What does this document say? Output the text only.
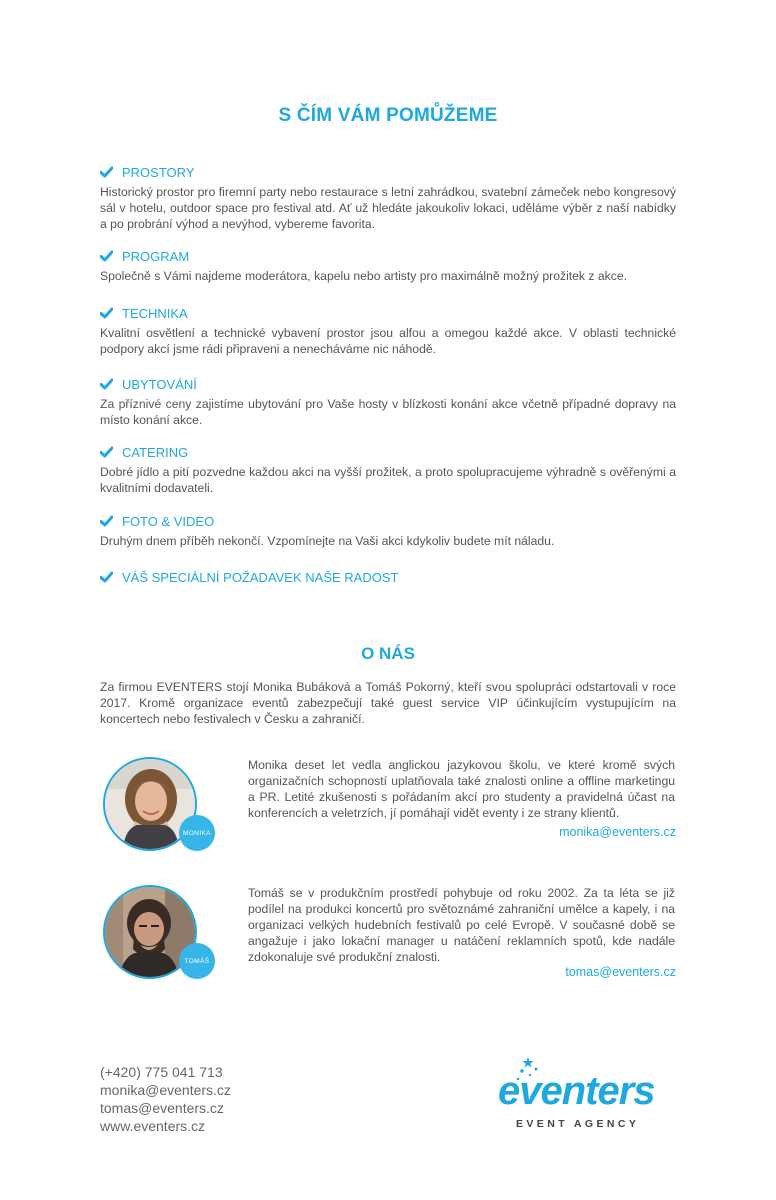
S ČÍM VÁM POMŮŽEME
PROSTORY
Historický prostor pro firemní party nebo restaurace s letní zahrádkou, svatební zámeček nebo kongresový sál v hotelu, outdoor space pro festival atd. Ať už hledáte jakoukoliv lokaci, uděláme výběr z naší nabídky a po probrání výhod a nevýhod, vybereme favorita.
PROGRAM
Společně s Vámi najdeme moderátora, kapelu nebo artisty pro maximálně možný prožitek z akce.
TECHNIKA
Kvalitní osvětlení a technické vybavení prostor jsou alfou a omegou každé akce. V oblasti technické podpory akcí jsme rádi připraveni a nenecháváme nic náhodě.
UBYTOVÁNÍ
Za příznivé ceny zajistíme ubytování pro Vaše hosty v blízkosti konání akce včetně případné dopravy na místo konání akce.
CATERING
Dobré jídlo a pití pozvedne každou akci na vyšší prožitek, a proto spolupracujeme výhradně s ověřenými a kvalitními dodavateli.
FOTO & VIDEO
Druhým dnem příběh nekončí. Vzpomínejte na Vaši akci kdykoliv budete mít náladu.
VÁŠ SPECIÁLNÍ POŽADAVEK NAŠE RADOST
O NÁS
Za firmou EVENTERS stojí Monika Bubáková a Tomáš Pokorný, kteří svou spolupráci odstartovali v roce 2017. Kromě organizace eventů zabezpečují také guest service VIP účinkujícím vystupujícím na koncertech nebo festivalech v Česku a zahraničí.
MONIKA
Monika deset let vedla anglickou jazykovou školu, ve které kromě svých organizačních schopností uplatňovala také znalosti online a offline marketingu a PR. Letité zkušenosti s pořádaním akcí pro studenty a pravidelná účast na konferencích a veletrzích, jí pomáhají vidět eventy i ze strany klientů.
monika@eventers.cz
TOMÁŠ
Tomáš se v produkčním prostředí pohybuje od roku 2002. Za ta léta se již podílel na produkci koncertů pro světoznámé zahraniční umělce a kapely, i na organizaci velkých hudebních festivalů po celé Evropě. V současné době se angažuje i jako lokační manager u natáčení reklamních spotů, kde nadále zdokonaluje své produkční znalosti.
tomas@eventers.cz
(+420) 775 041 713
monika@eventers.cz
tomas@eventers.cz
www.eventers.cz
eventers
EVENT AGENCY
